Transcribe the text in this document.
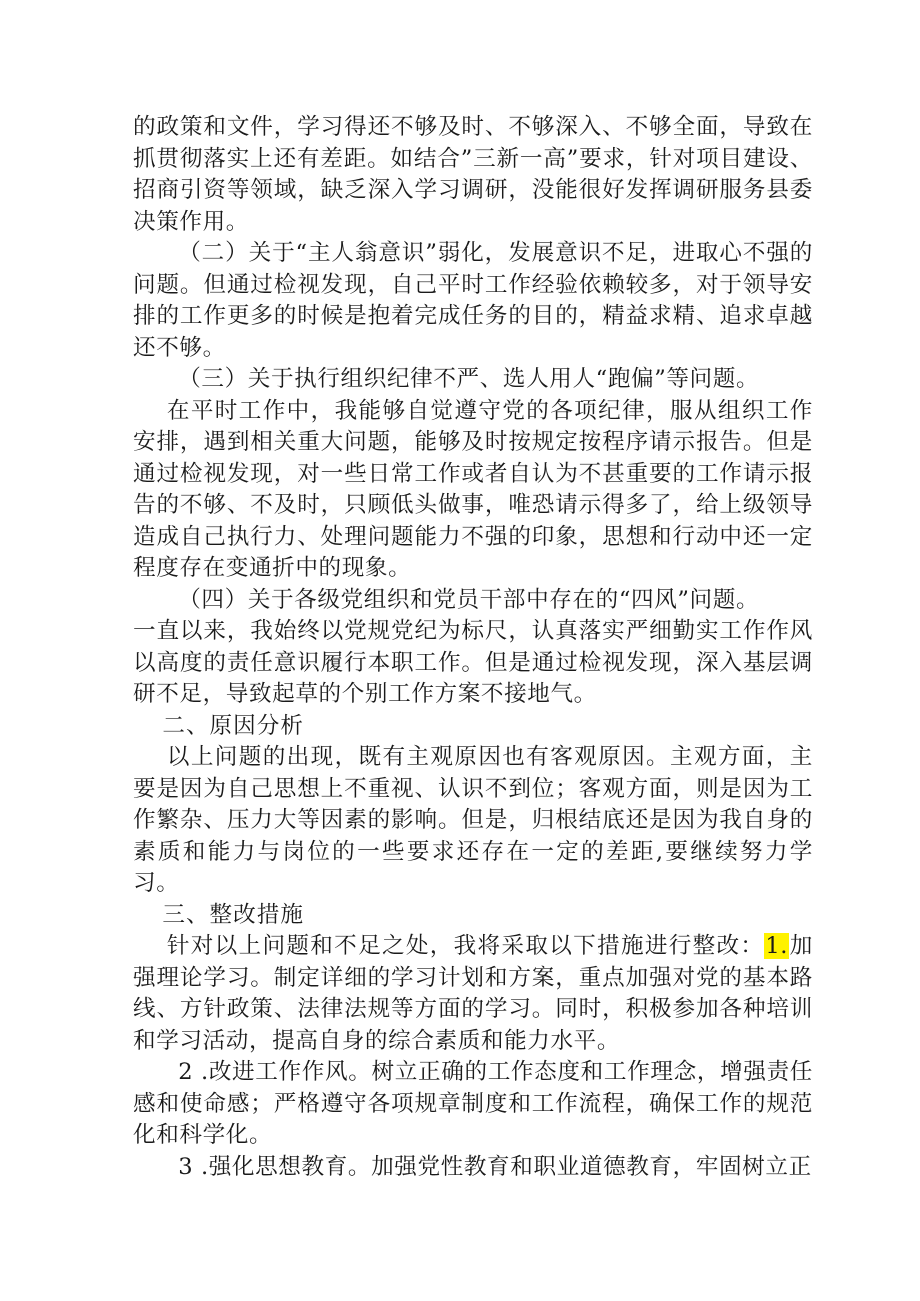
的政策和文件，学习得还不够及时、不够深入、不够全面，导致在抓贯彻落实上还有差距。如结合”三新一高”要求，针对项目建设、招商引资等领域，缺乏深入学习调研，没能很好发挥调研服务县委决策作用。

（二）关于“主人翁意识”弱化，发展意识不足，进取心不强的问题。但通过检视发现，自己平时工作经验依赖较多，对于领导安排的工作更多的时候是抱着完成任务的目的，精益求精、追求卓越还不够。

（三）关于执行组织纪律不严、选人用人“跑偏”等问题。

在平时工作中，我能够自觉遵守党的各项纪律，服从组织工作安排，遇到相关重大问题，能够及时按规定按程序请示报告。但是通过检视发现，对一些日常工作或者自认为不甚重要的工作请示报告的不够、不及时，只顾低头做事，唯恐请示得多了，给上级领导造成自己执行力、处理问题能力不强的印象，思想和行动中还一定程度存在变通折中的现象。

（四）关于各级党组织和党员干部中存在的“四风”问题。

一直以来，我始终以党规党纪为标尺，认真落实严细勤实工作作风以高度的责任意识履行本职工作。但是通过检视发现，深入基层调研不足，导致起草的个别工作方案不接地气。

二、原因分析

以上问题的出现，既有主观原因也有客观原因。主观方面，主要是因为自己思想上不重视、认识不到位；客观方面，则是因为工作繁杂、压力大等因素的影响。但是，归根结底还是因为我自身的素质和能力与岗位的一些要求还存在一定的差距,要继续努力学习。

三、整改措施

针对以上问题和不足之处，我将采取以下措施进行整改：1.加强理论学习。制定详细的学习计划和方案，重点加强对党的基本路线、方针政策、法律法规等方面的学习。同时，积极参加各种培训和学习活动，提高自身的综合素质和能力水平。

2 .改进工作作风。树立正确的工作态度和工作理念，增强责任感和使命感；严格遵守各项规章制度和工作流程，确保工作的规范化和科学化。

3 .强化思想教育。加强党性教育和职业道德教育，牢固树立正
